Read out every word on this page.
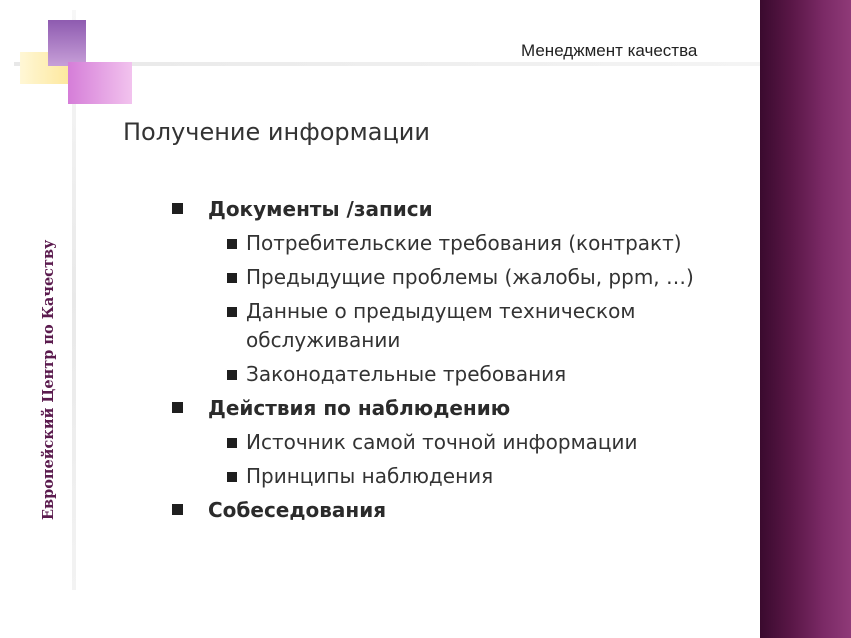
Европейский Центр по Качеству
Менеджмент качества
Получение информации
Документы /записи
Потребительские требования (контракт)
Предыдущие проблемы (жалобы, ppm, …)
Данные о предыдущем техническом обслуживании
Законодательные требования
Действия по наблюдению
Источник самой точной информации
Принципы наблюдения
Собеседования
